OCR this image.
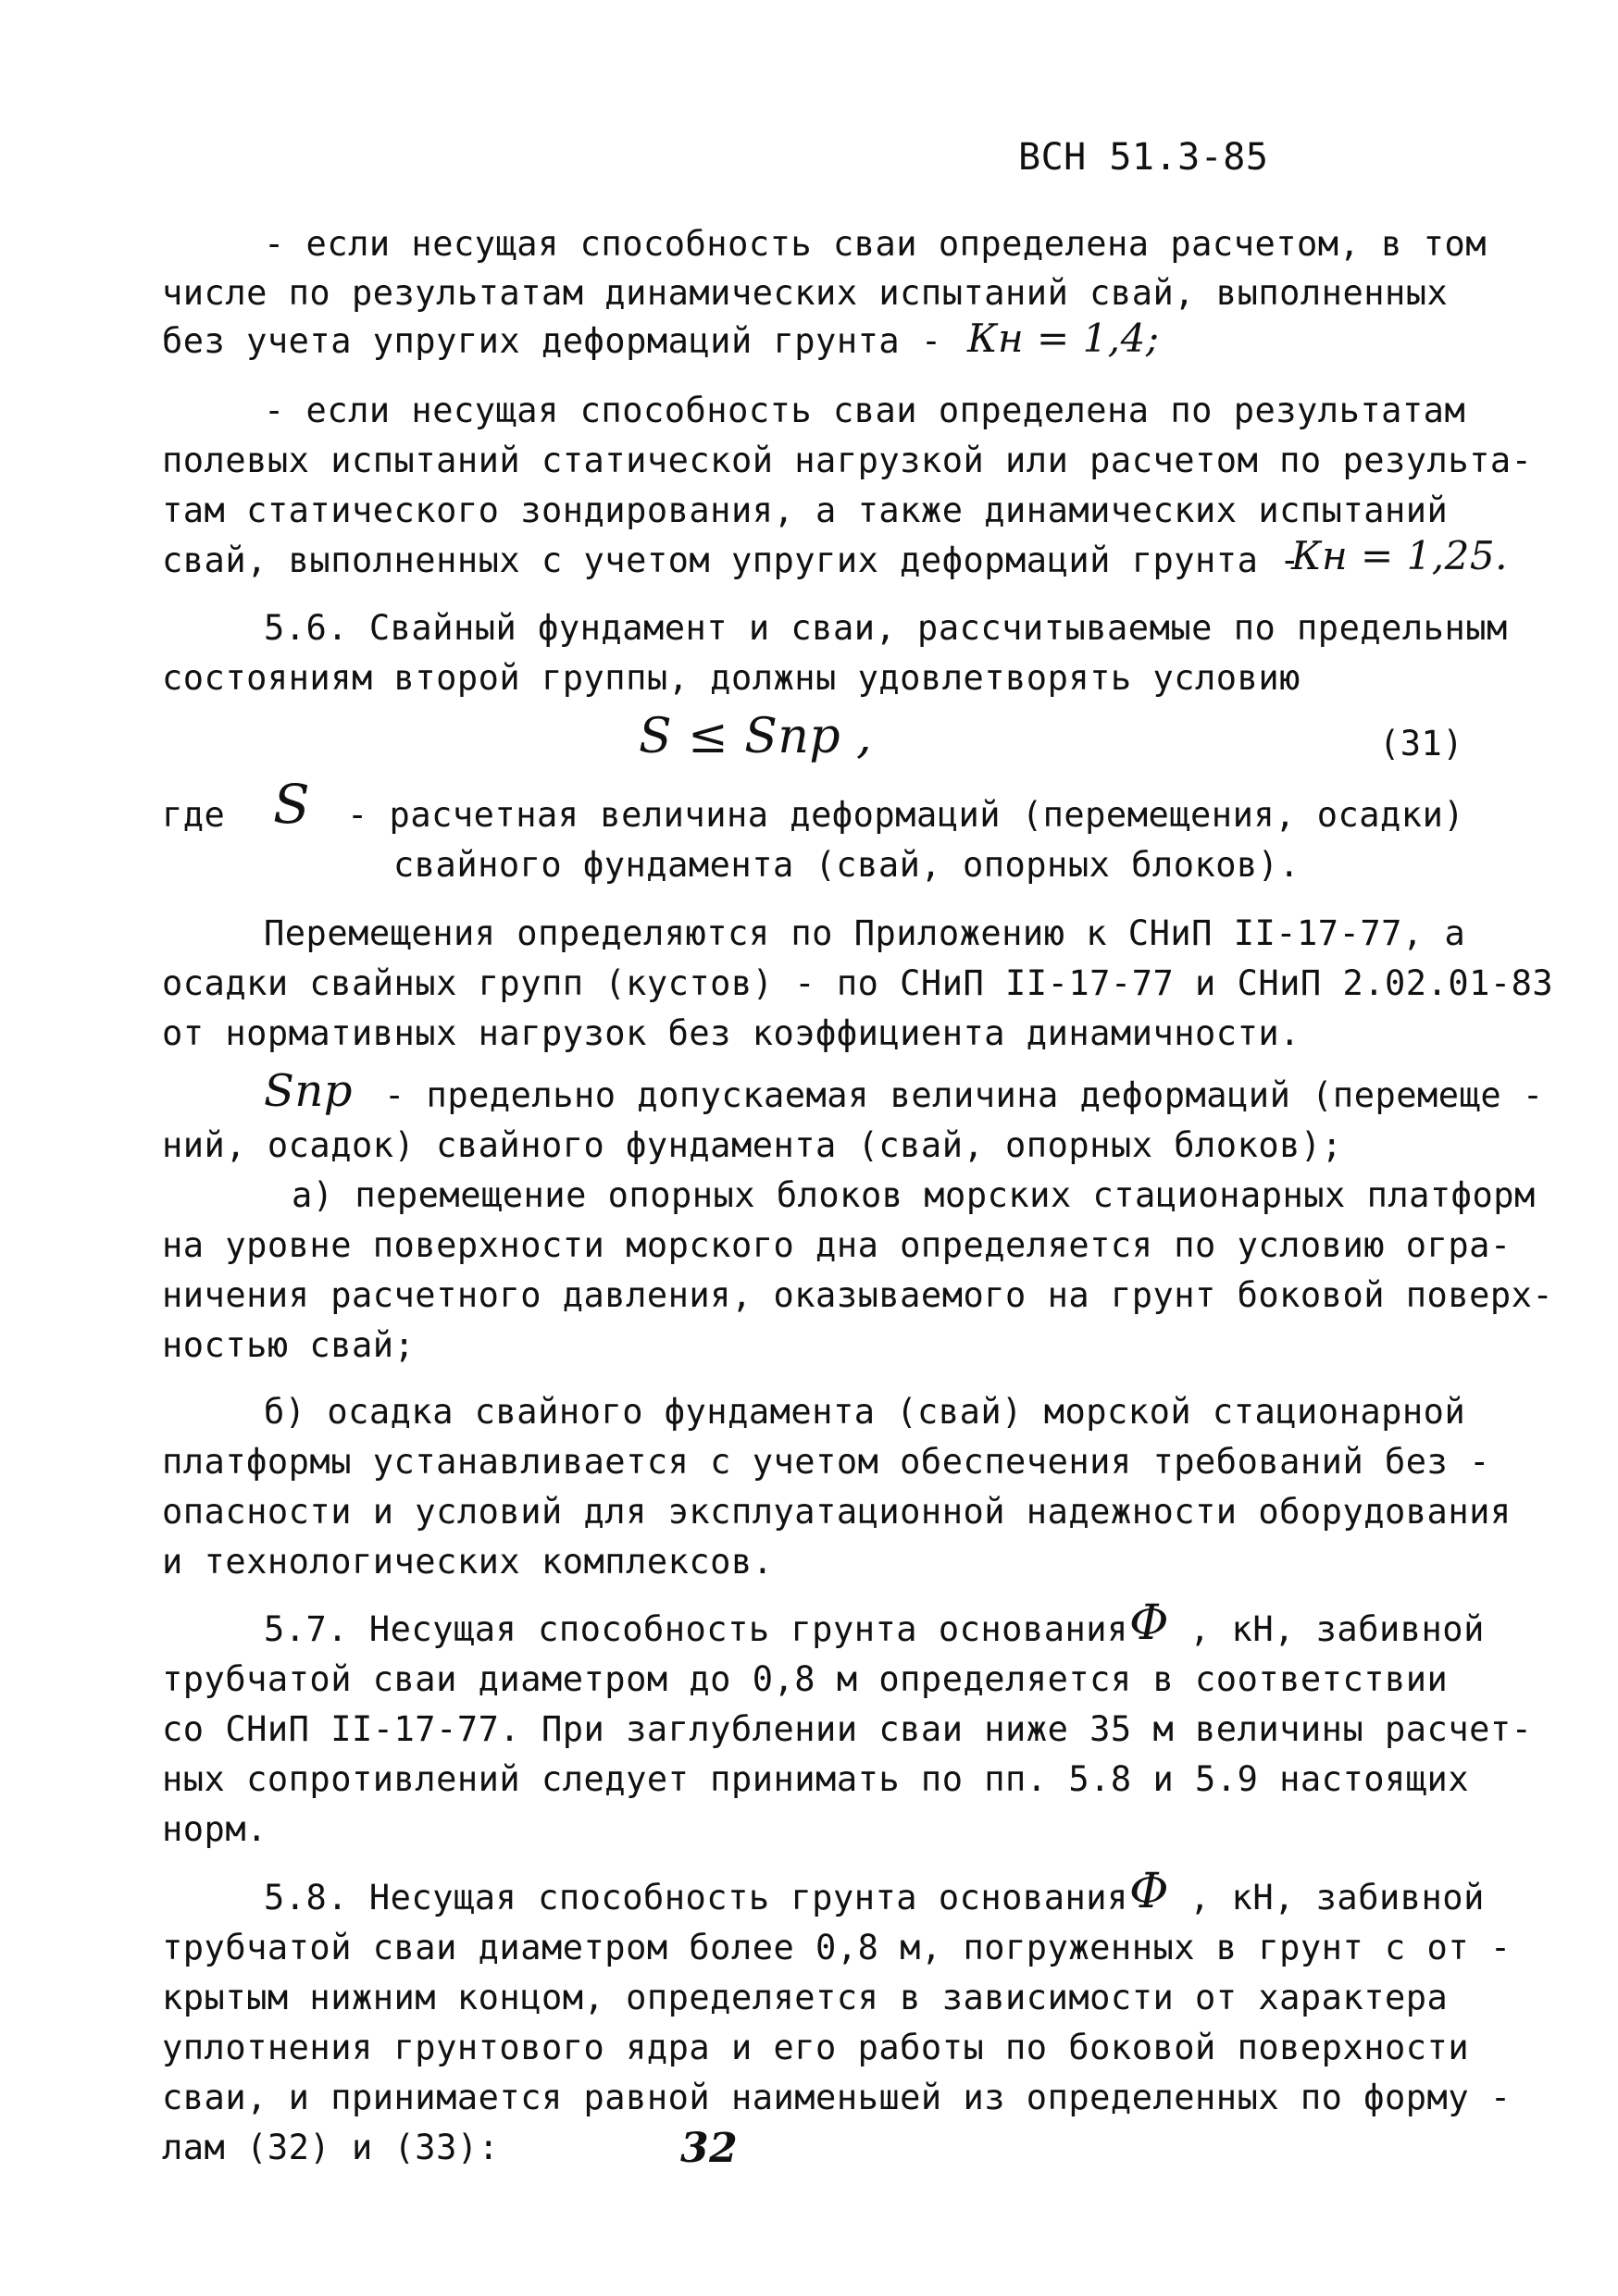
ВСН 51.3-85
- если несущая способность сваи определена расчетом, в том
числе по результатам динамических испытаний свай, выполненных
без учета упругих деформаций грунта - Кн = 1,4;
- если несущая способность сваи определена по результатам
полевых испытаний статической нагрузкой или расчетом по результа-
там статического зондирования, а также динамических испытаний
свай, выполненных с учетом упругих деформаций грунта -
Кн = 1,25.
5.6. Свайный фундамент и сваи, рассчитываемые по предельным
состояниям второй группы, должны удовлетворять условию
S ≤ Sпр ,	(31)
где S - расчетная величина деформаций (перемещения, осадки)
свайного фундамента (свай, опорных блоков).
Перемещения определяются по Приложению к СНиП II-17-77, а
осадки свайных групп (кустов) - по СНиП II-17-77 и СНиП 2.02.01-83
от нормативных нагрузок без коэффициента динамичности.
Sпр - предельно допускаемая величина деформаций (перемеще -
ний, осадок) свайного фундамента (свай, опорных блоков);
а) перемещение опорных блоков морских стационарных платформ
на уровне поверхности морского дна определяется по условию огра-
ничения расчетного давления, оказываемого на грунт боковой поверх-
ностью свай;
б) осадка свайного фундамента (свай) морской стационарной
платформы устанавливается с учетом обеспечения требований без -
опасности и условий для эксплуатационной надежности оборудования
и технологических комплексов.
5.7. Несущая способность грунта основания Φ , кН, забивной
трубчатой сваи диаметром до 0,8 м определяется в соответствии
со СНиП II-17-77. При заглублении сваи ниже 35 м величины расчет-
ных сопротивлений следует принимать по пп. 5.8 и 5.9 настоящих
норм.
5.8. Несущая способность грунта основания Φ , кН, забивной
трубчатой сваи диаметром более 0,8 м, погруженных в грунт с от -
крытым нижним концом, определяется в зависимости от характера
уплотнения грунтового ядра и его работы по боковой поверхности
сваи, и принимается равной наименьшей из определенных по форму -
лам (32) и (33):	32
